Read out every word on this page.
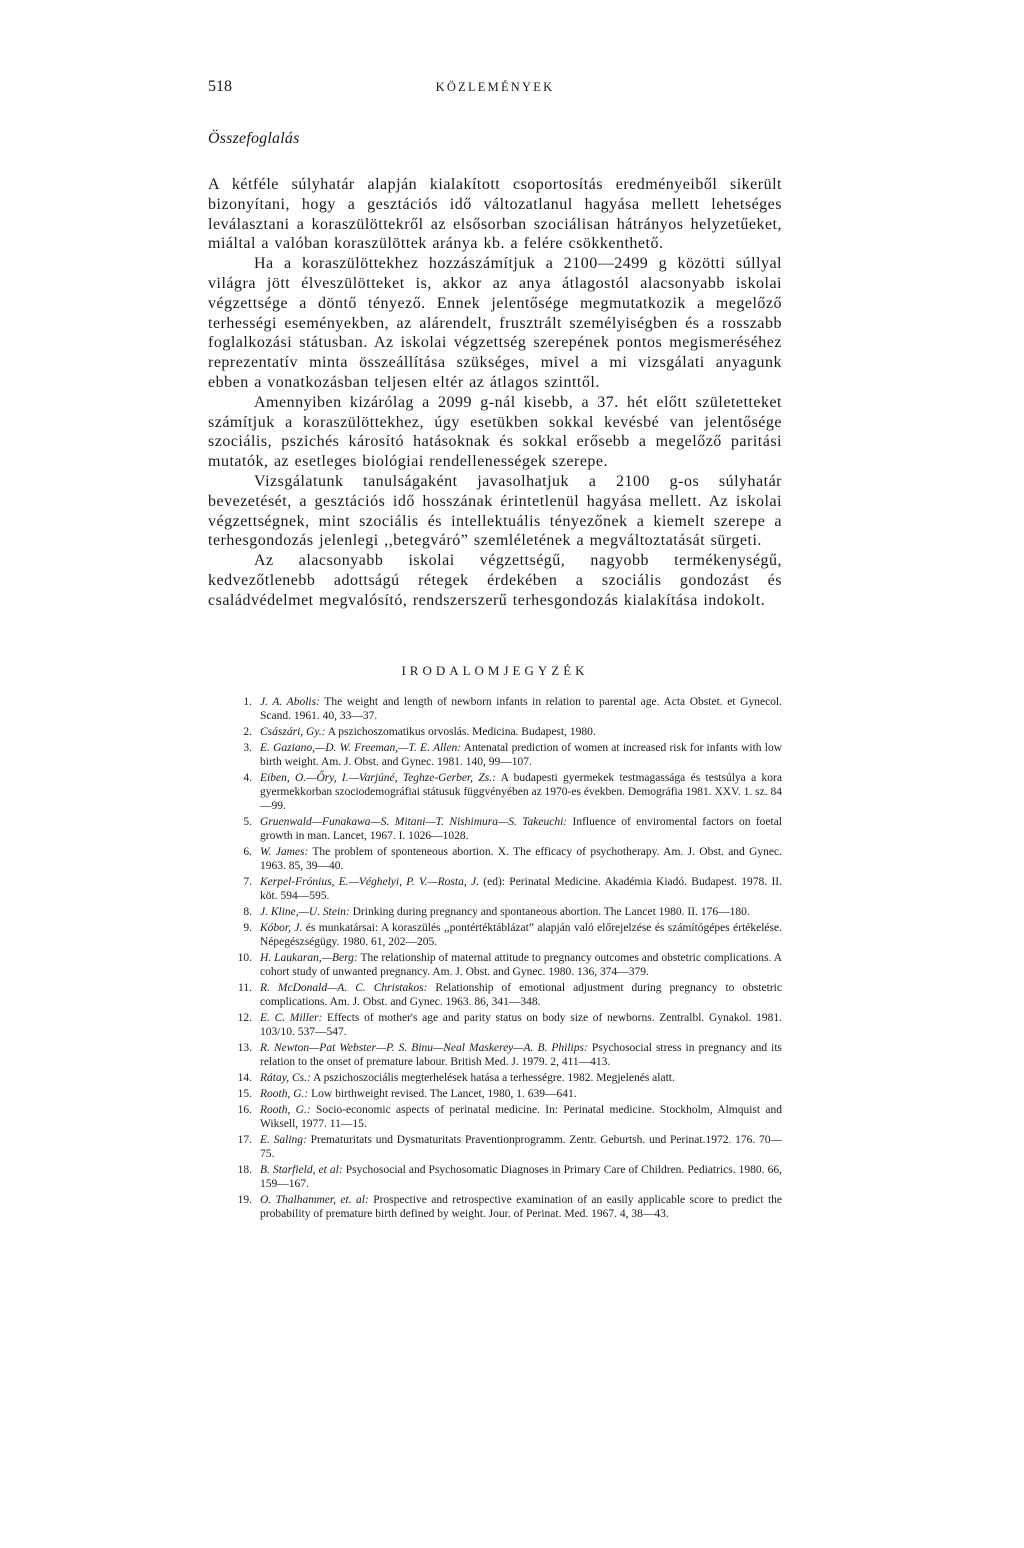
518	KÖZLEMÉNYEK
Összefoglalás

A kétféle súlyhatár alapján kialakított csoportosítás eredményeiből sikerült bizonyítani, hogy a gesztációs idő változatlanul hagyása mellett lehetséges leválasztani a koraszülöttekről az elsősorban szociálisan hátrányos helyzetűeket, miáltal a valóban koraszülöttek aránya kb. a felére csökkenthető.

Ha a koraszülöttekhez hozzászámítjuk a 2100—2499 g közötti súllyal világra jött élveszülötteket is, akkor az anya átlagostól alacsonyabb iskolai végzettsége a döntő tényező. Ennek jelentősége megmutatkozik a megelőző terhességi eseményekben, az alárendelt, frusztrált személyiségben és a rosszabb foglalkozási státusban. Az iskolai végzettség szerepének pontos megismeréséhez reprezentatív minta összeállítása szükséges, mivel a mi vizsgálati anyagunk ebben a vonatkozásban teljesen eltér az átlagos szinttől.

Amennyiben kizárólag a 2099 g-nál kisebb, a 37. hét előtt születetteket számítjuk a koraszülöttekhez, úgy esetükben sokkal kevésbé van jelentősége szociális, pszichés károsító hatásoknak és sokkal erősebb a megelőző paritási mutatók, az esetleges biológiai rendellenességek szerepe.

Vizsgálatunk tanulságaként javasolhatjuk a 2100 g-os súlyhatár bevezetését, a gesztációs idő hosszának érintetlenül hagyása mellett. Az iskolai végzettségnek, mint szociális és intellektuális tényezőnek a kiemelt szerepe a terhesgondozás jelenlegi ,,betegváró” szemléletének a megváltoztatását sürgeti.

Az alacsonyabb iskolai végzettségű, nagyobb termékenységű, kedvezőtlenebb adottságú rétegek érdekében a szociális gondozást és családvédelmet megvalósító, rendszerszerű terhesgondozás kialakítása indokolt.

IRODALOMJEGYZÉK
1. J. A. Abolis: The weight and length of newborn infants in relation to parental age. Acta Obstet. et Gynecol. Scand. 1961. 40, 33—37.
2. Császári, Gy.: A pszichoszomatikus orvoslás. Medicina. Budapest, 1980.
3. E. Gaziano,—D. W. Freeman,—T. E. Allen: Antenatal prediction of women at increased risk for infants with low birth weight. Am. J. Obst. and Gynec. 1981. 140, 99—107.
4. Eiben, O.—Őry, I.—Varjúné, Teghze-Gerber, Zs.: A budapesti gyermekek testmagassága és testsúlya a kora gyermekkorban szociodemográfiai státusuk függvényében az 1970-es években. Demográfia 1981. XXV. 1. sz. 84—99.
5. Gruenwald—Funakawa—S. Mitani—T. Nishimura—S. Takeuchi: Influence of enviromental factors on foetal growth in man. Lancet, 1967. I. 1026—1028.
6. W. James: The problem of sponteneous abortion. X. The efficacy of psychotherapy. Am. J. Obst. and Gynec. 1963. 85, 39—40.
7. Kerpel-Frónius, E.—Véghelyi, P. V.—Rosta, J. (ed): Perinatal Medicine. Akadémia Kiadó. Budapest. 1978. II. köt. 594—595.
8. J. Kline,—U. Stein: Drinking during pregnancy and spontaneous abortion. The Lancet 1980. II. 176—180.
9. Kóbor, J. és munkatársai: A koraszülés ,,pontértéktáblázat” alapján való előrejelzése és számítógépes értékelése. Népegészségügy. 1980. 61, 202—205.
10. H. Laukaran,—Berg: The relationship of maternal attitude to pregnancy outcomes and obstetric complications. A cohort study of unwanted pregnancy. Am. J. Obst. and Gynec. 1980. 136, 374—379.
11. R. McDonald—A. C. Christakos: Relationship of emotional adjustment during pregnancy to obstetric complications. Am. J. Obst. and Gynec. 1963. 86, 341—348.
12. E. C. Miller: Effects of mother's age and parity status on body size of newborns. Zentralbl. Gynakol. 1981. 103/10. 537—547.
13. R. Newton—Pat Webster—P. S. Binu—Neal Maskerey—A. B. Philips: Psychosocial stress in pregnancy and its relation to the onset of premature labour. British Med. J. 1979. 2, 411—413.
14. Rátay, Cs.: A pszichoszociális megterhelések hatása a terhességre. 1982. Megjelenés alatt.
15. Rooth, G.: Low birthweight revised. The Lancet, 1980, 1. 639—641.
16. Rooth, G.: Socio-economic aspects of perinatal medicine. In: Perinatal medicine. Stockholm, Almquist and Wiksell, 1977. 11—15.
17. E. Saling: Prematuritats und Dysmaturitats Praventionprogramm. Zentr. Geburtsh. und Perinat.1972. 176. 70—75.
18. B. Starfield, et al: Psychosocial and Psychosomatic Diagnoses in Primary Care of Children. Pediatrics. 1980. 66, 159—167.
19. O. Thalhammer, et. al: Prospective and retrospective examination of an easily applicable score to predict the probability of premature birth defined by weight. Jour. of Perinat. Med. 1967. 4, 38—43.
